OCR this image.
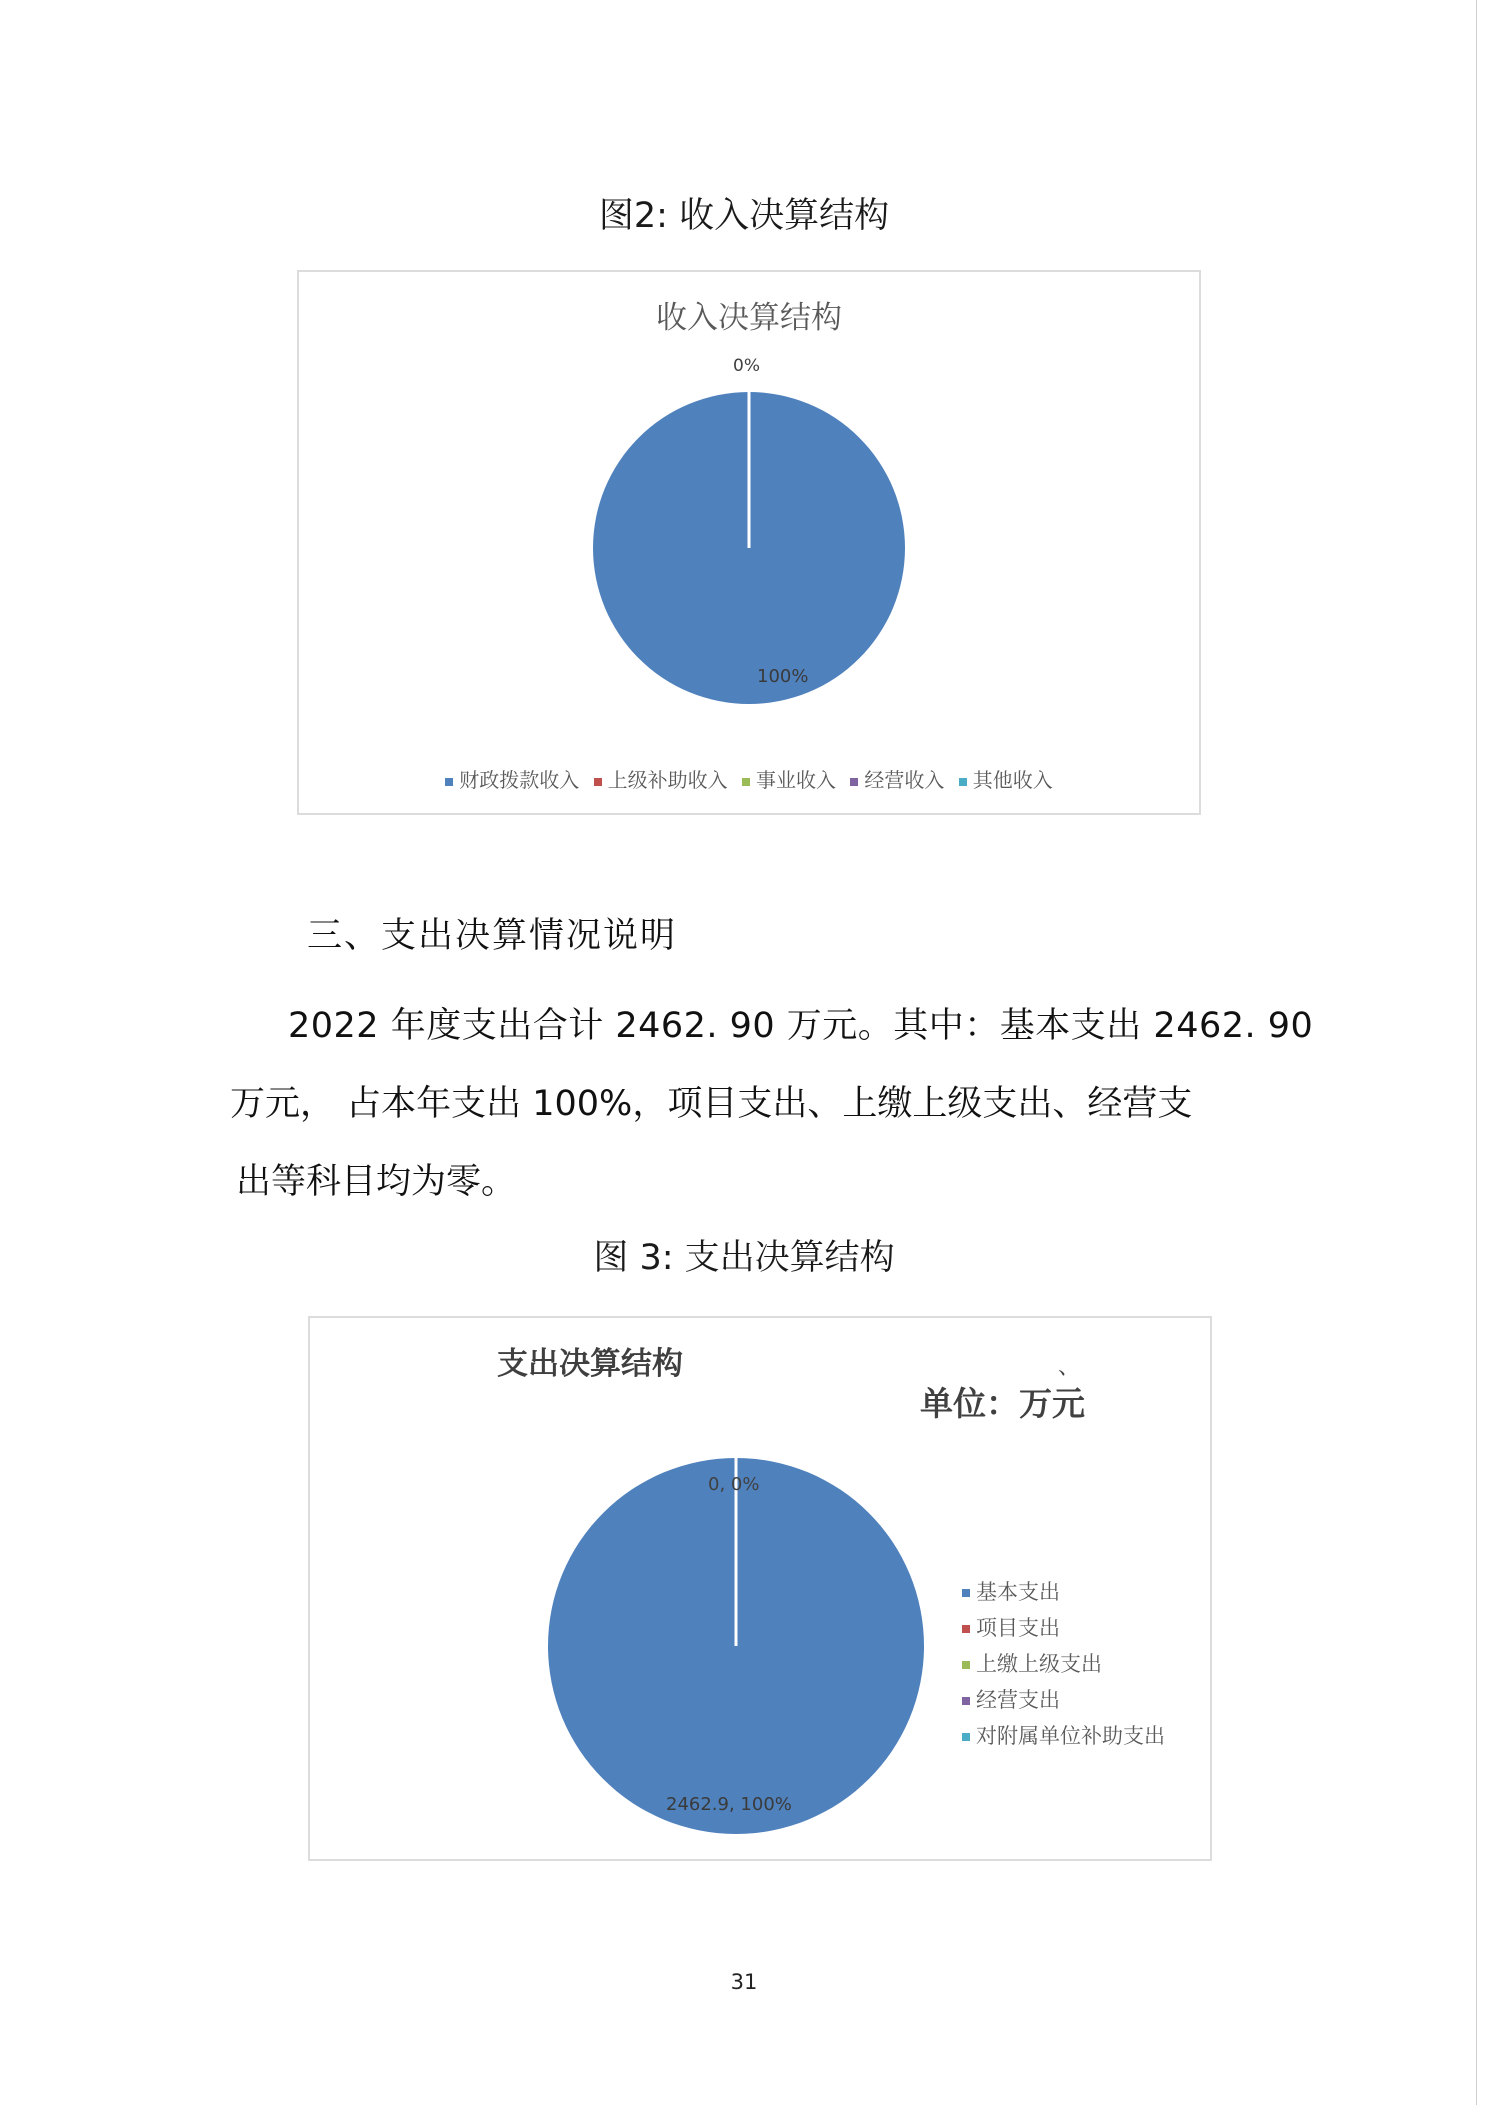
图2: 收入决算结构
收入决算结构
0%
100%
财政拨款收入 上级补助收入 事业收入 经营收入 其他收入
三、支出决算情况说明
2022 年度支出合计 2462. 90 万元。其中：基本支出 2462. 90
万元， 占本年支出 100%，项目支出、上缴上级支出、经营支
出等科目均为零。
图 3: 支出决算结构
支出决算结构	、
单位：万元
0, 0%
2462.9, 100%
基本支出
项目支出
上缴上级支出
经营支出
对附属单位补助支出
31
